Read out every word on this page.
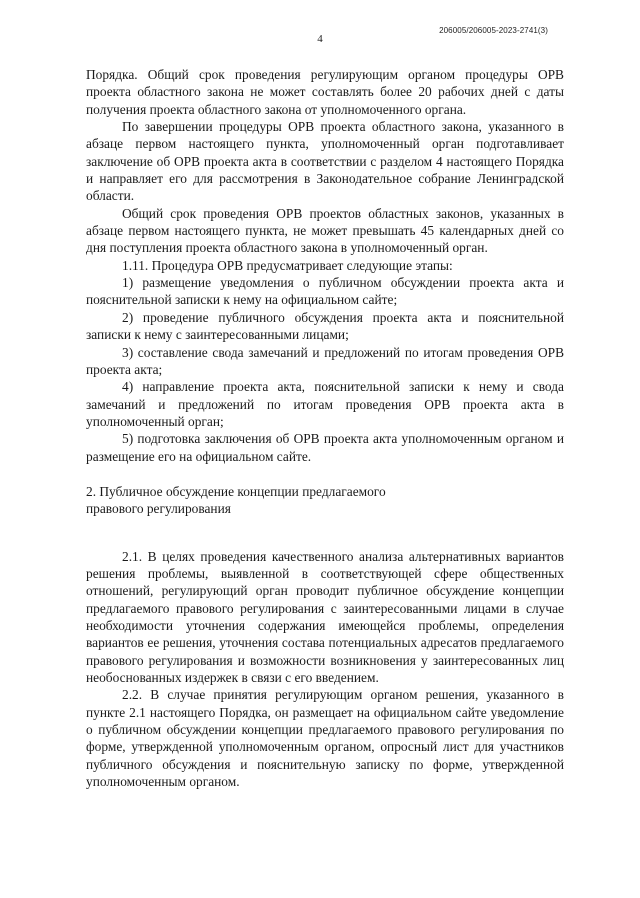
206005/206005-2023-2741(3)
4

Порядка. Общий срок проведения регулирующим органом процедуры ОРВ проекта областного закона не может составлять более 20 рабочих дней с даты получения проекта областного закона от уполномоченного органа.

По завершении процедуры ОРВ проекта областного закона, указанного в абзаце первом настоящего пункта, уполномоченный орган подготавливает заключение об ОРВ проекта акта в соответствии с разделом 4 настоящего Порядка и направляет его для рассмотрения в Законодательное собрание Ленинградской области.

Общий срок проведения ОРВ проектов областных законов, указанных в абзаце первом настоящего пункта, не может превышать 45 календарных дней со дня поступления проекта областного закона в уполномоченный орган.

1.11. Процедура ОРВ предусматривает следующие этапы:

1) размещение уведомления о публичном обсуждении проекта акта и пояснительной записки к нему на официальном сайте;

2) проведение публичного обсуждения проекта акта и пояснительной записки к нему с заинтересованными лицами;

3) составление свода замечаний и предложений по итогам проведения ОРВ проекта акта;

4) направление проекта акта, пояснительной записки к нему и свода замечаний и предложений по итогам проведения ОРВ проекта акта в уполномоченный орган;

5) подготовка заключения об ОРВ проекта акта уполномоченным органом и размещение его на официальном сайте.

2. Публичное обсуждение концепции предлагаемого
правового регулирования

2.1. В целях проведения качественного анализа альтернативных вариантов решения проблемы, выявленной в соответствующей сфере общественных отношений, регулирующий орган проводит публичное обсуждение концепции предлагаемого правового регулирования с заинтересованными лицами в случае необходимости уточнения содержания имеющейся проблемы, определения вариантов ее решения, уточнения состава потенциальных адресатов предлагаемого правового регулирования и возможности возникновения у заинтересованных лиц необоснованных издержек в связи с его введением.

2.2. В случае принятия регулирующим органом решения, указанного в пункте 2.1 настоящего Порядка, он размещает на официальном сайте уведомление о публичном обсуждении концепции предлагаемого правового регулирования по форме, утвержденной уполномоченным органом, опросный лист для участников публичного обсуждения и пояснительную записку по форме, утвержденной уполномоченным органом.
